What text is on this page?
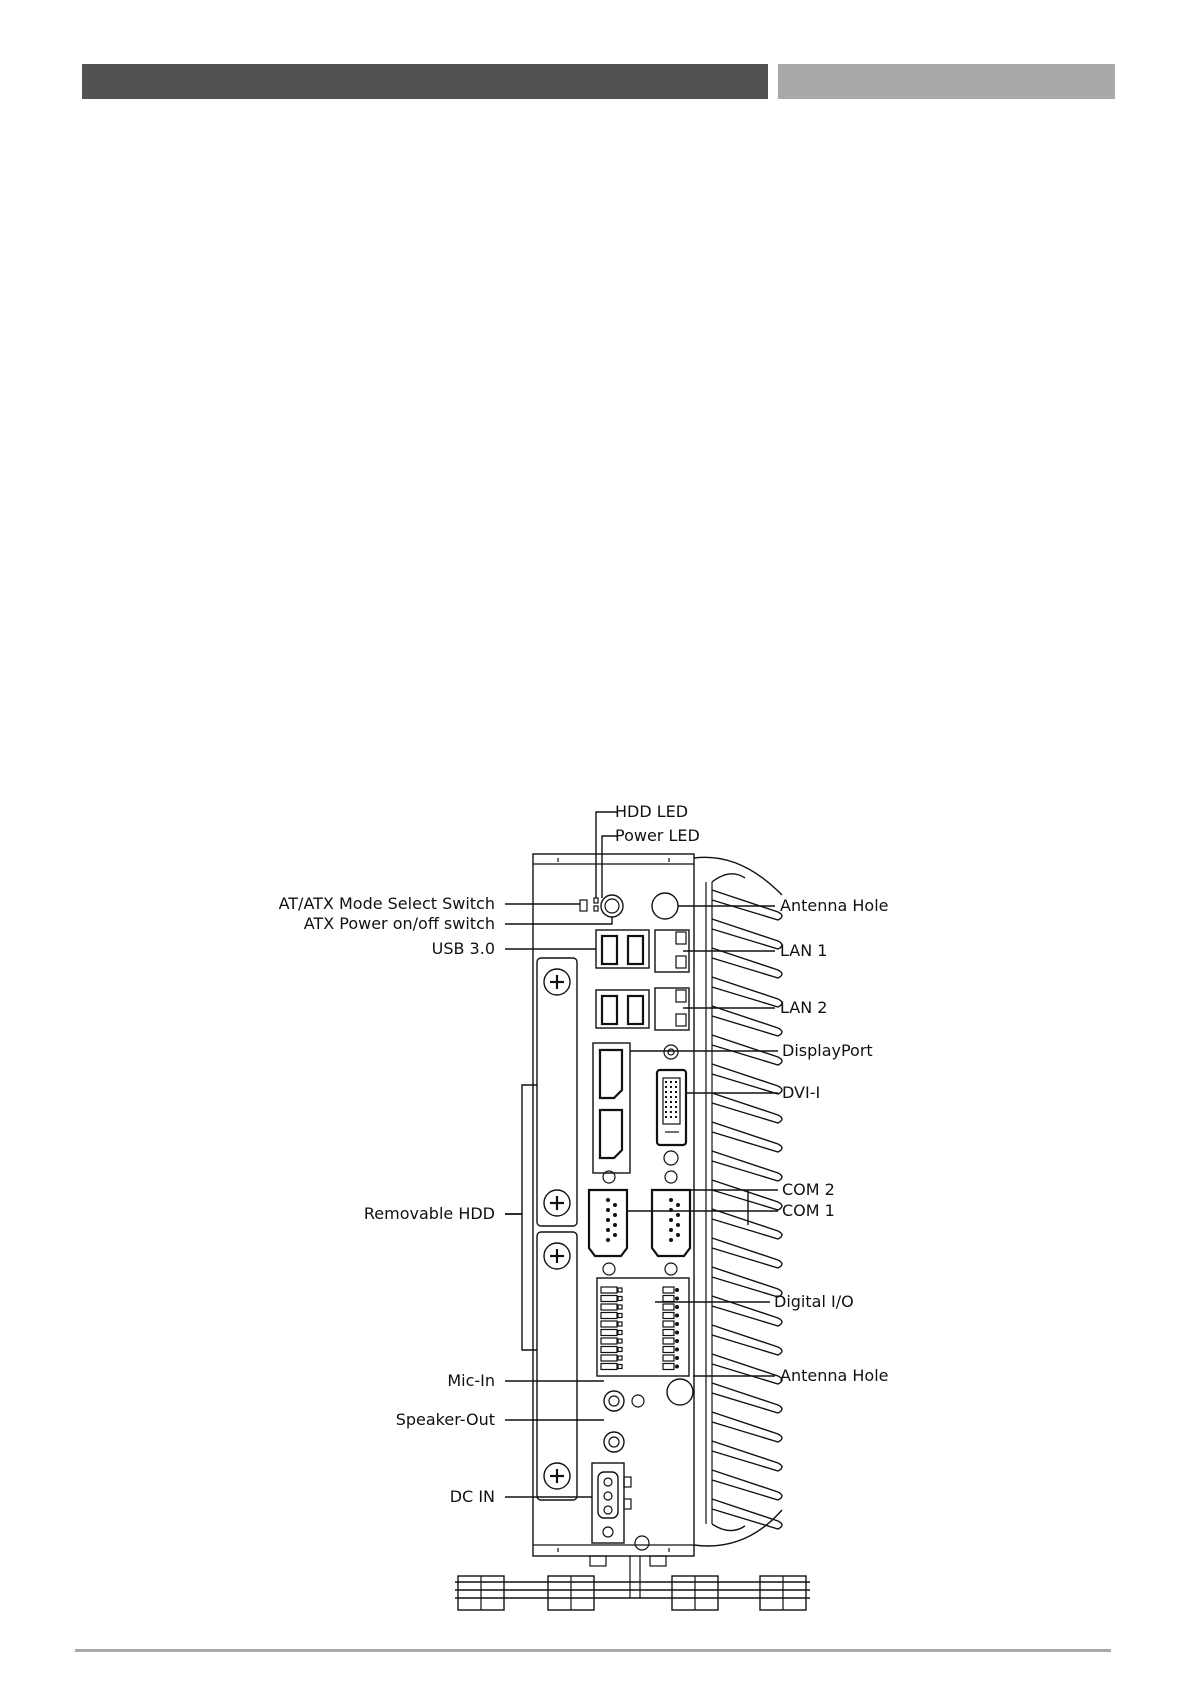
HDD LED
Power LED
AT/ATX Mode Select Switch
ATX Power on/off switch
USB 3.0
Removable HDD
Mic-In
Speaker-Out
DC IN
Antenna Hole
LAN 1
LAN 2
DisplayPort
DVI-I
COM 2
COM 1
Digital I/O
Antenna Hole
